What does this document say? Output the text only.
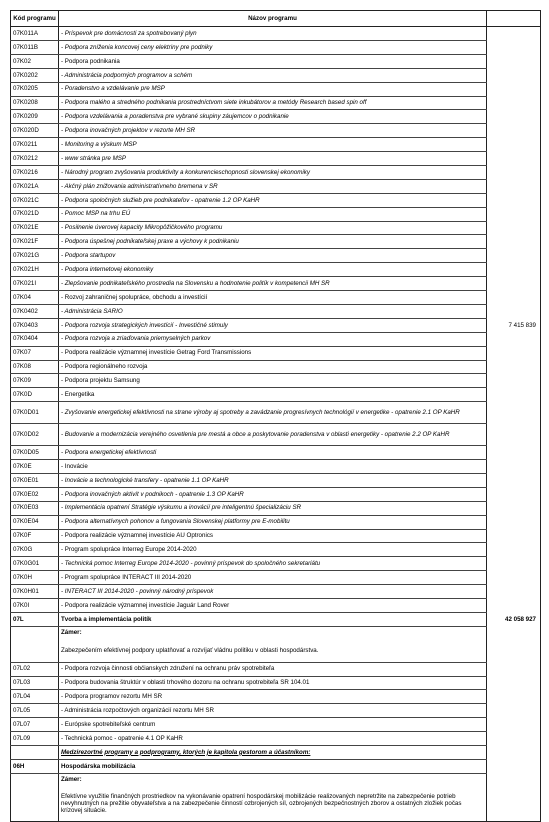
Kód programu	Názov programu	
07K011A	- Príspevok pre domácnosti za spotrebovaný plyn	
07K011B	- Podpora zníženia koncovej ceny elektriny pre podniky	
07K02	- Podpora podnikania	
07K0202	- Administrácia podporných programov a schém	
07K0205	- Poradenstvo a vzdelávanie pre MSP	
07K0208	- Podpora malého a stredného podnikania prostredníctvom siete inkubátorov a metódy Research based spin off	
07K0209	- Podpora vzdelávania a poradenstva pre vybrané skupiny záujemcov o podnikanie	
07K020D	- Podpora inovačných projektov v rezorte MH SR	
07K0211	- Monitoring a výskum MSP	
07K0212	- www stránka pre MSP	
07K0216	- Národný program zvyšovania produktivity a konkurencieschopnosti slovenskej ekonomiky	
07K021A	- Akčný plán znižovania administratívneho bremena v SR	
07K021C	- Podpora spoločných služieb pre podnikateľov - opatrenie 1.2 OP KaHR	
07K021D	- Pomoc MSP na trhu EÚ	
07K021E	- Posilnenie úverovej kapacity Mikropôžičkového programu	
07K021F	- Podpora úspešnej podnikateľskej praxe a výchovy k podnikaniu	
07K021G	- Podpora startupov	
07K021H	- Podpora internetovej ekonomiky	
07K021I	- Zlepšovanie podnikateľského prostredia na Slovensku a hodnotenie politík v kompetencii MH SR	
07K04	- Rozvoj zahraničnej spolupráce, obchodu a investícií	
07K0402	- Administrácia SARIO	
07K0403	- Podpora rozvoja strategických investícií - Investičné stimuly	7 415 839
07K0404	- Podpora rozvoja a zriaďovania priemyselných parkov	
07K07	- Podpora realizácie významnej investície Getrag Ford Transmissions	
07K08	- Podpora regionálneho rozvoja	
07K09	- Podpora projektu Samsung	
07K0D	- Energetika	
07K0D01	- Zvyšovanie energetickej efektívnosti na strane výroby aj spotreby a zavádzanie progresívnych technológií v energetike - opatrenie 2.1 OP KaHR	
07K0D02	- Budovanie a modernizácia verejného osvetlenia pre mestá a obce a poskytovanie poradenstva v oblasti energetiky - opatrenie 2.2 OP KaHR	
07K0D05	- Podpora energetickej efektívnosti	
07K0E	- Inovácie	
07K0E01	- Inovácie a technologické transfery - opatrenie 1.1 OP KaHR	
07K0E02	- Podpora inovačných aktivít v podnikoch - opatrenie 1.3 OP KaHR	
07K0E03	- Implementácia opatrení Stratégie výskumu a inovácií pre inteligentnú špecializáciu SR	
07K0E04	- Podpora alternatívnych pohonov a fungovania Slovenskej platformy pre E-mobilitu	
07K0F	- Podpora realizácie významnej investície AU Optronics	
07K0G	- Program spolupráce Interreg Europe 2014-2020	
07K0G01	- Technická pomoc Interreg Europe 2014-2020 - povinný príspevok do spoločného sekretariátu	
07K0H	- Program spolupráce INTERACT III 2014-2020	
07K0H01	- INTERACT III 2014-2020 - povinný národný príspevok	
07K0I	- Podpora realizácie významnej investície Jaguár Land Rover	
07L	Tvorba a implementácia politík	42 058 927
	Zámer:	
	Zabezpečením efektívnej podpory uplatňovať a rozvíjať vládnu politiku v oblasti hospodárstva.	
07L02	- Podpora rozvoja činnosti občianskych združení na ochranu práv spotrebiteľa	
07L03	- Podpora budovania štruktúr v oblasti trhového dozoru na ochranu spotrebiteľa SR 104.01	
07L04	- Podpora programov rezortu MH SR	
07L05	- Administrácia rozpočtových organizácií rezortu MH SR	
07L07	- Európske spotrebiteľské centrum	
07L09	- Technická pomoc - opatrenie 4.1 OP KaHR	
	Medzirezortné programy a podprogramy, ktorých je kapitola gestorom a účastníkom:	
06H	Hospodárska mobilizácia	
	Zámer:	
	Efektívne využitie finančných prostriedkov na vykonávanie opatrení hospodárskej mobilizácie realizovaných nepretržite na zabezpečenie potrieb nevyhnutných na prežitie obyvateľstva a na zabezpečenie činností ozbrojených síl, ozbrojených bezpečnostných zborov a ostatných zložiek počas krízovej situácie.	
